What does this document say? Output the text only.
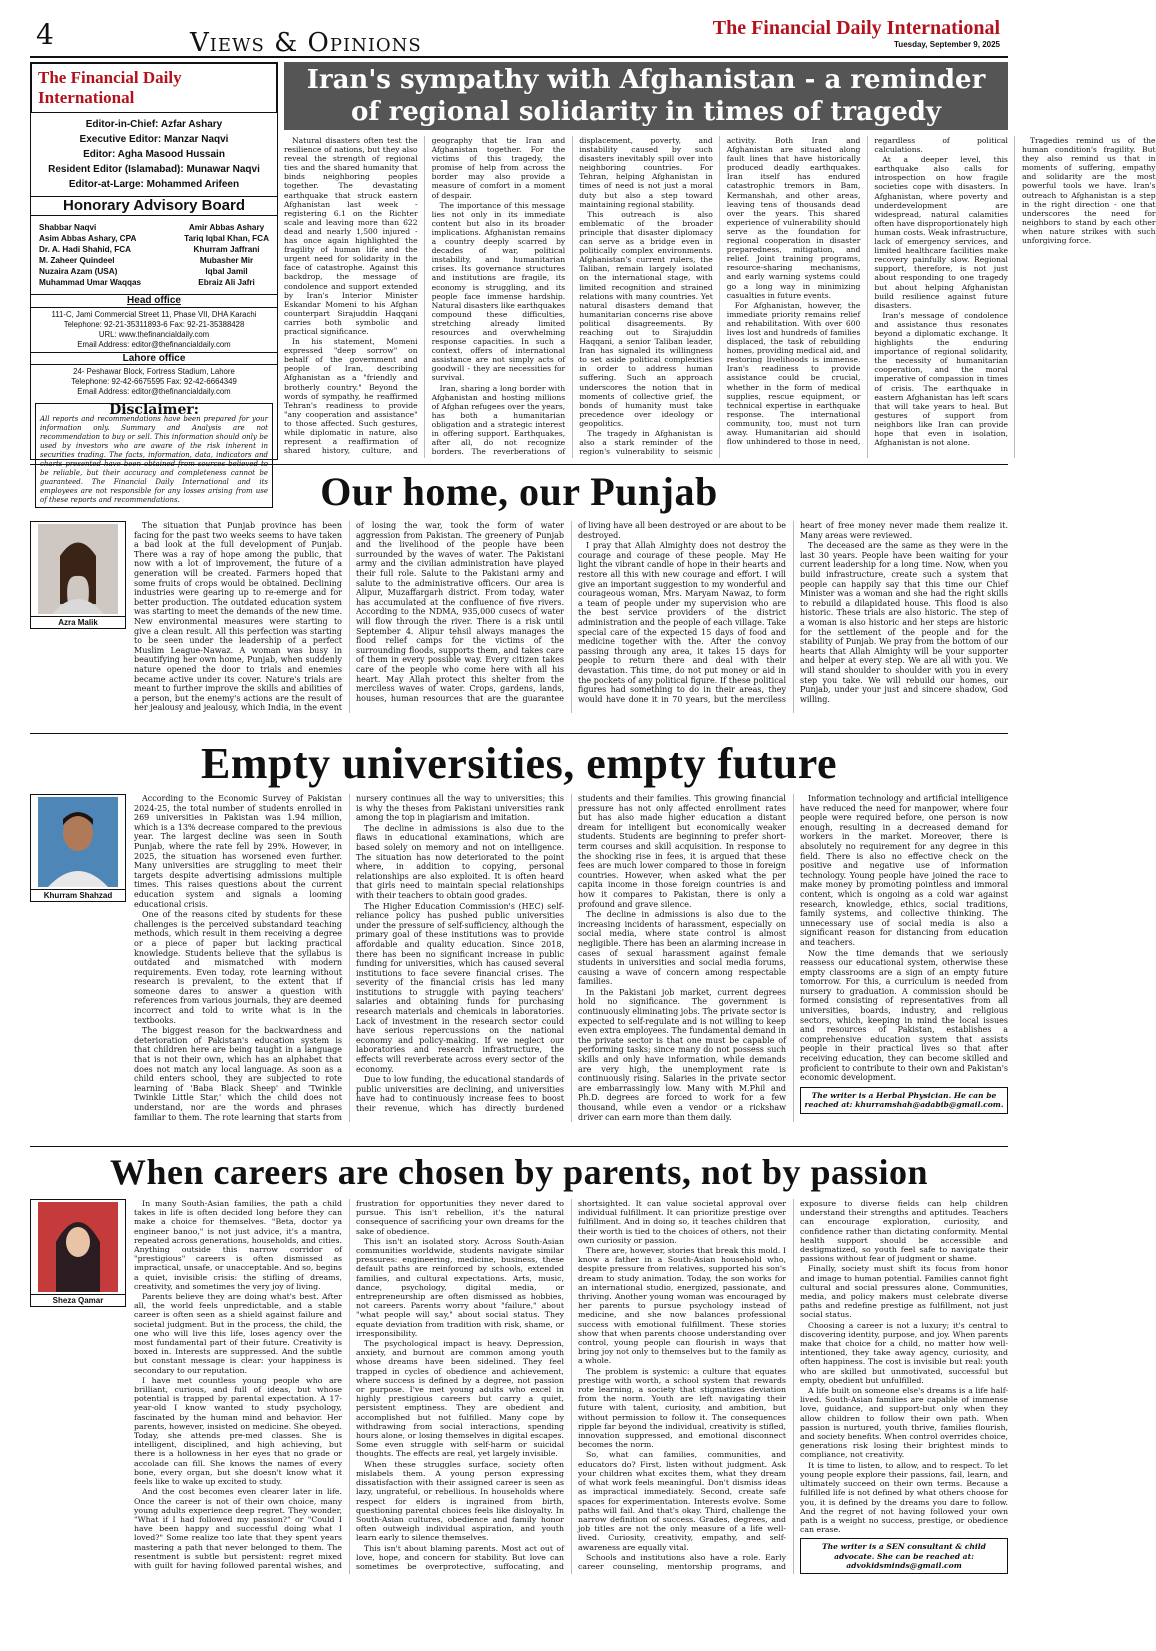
4	Views & Opinions	The Financial Daily International
Tuesday, September 9, 2025
The Financial Daily International
Editor-in-Chief: Azfar Ashary
Executive Editor: Manzar Naqvi
Editor: Agha Masood Hussain
Resident Editor (Islamabad): Munawar Naqvi
Editor-at-Large: Mohammed Arifeen
Honorary Advisory Board
Shabbar Naqvi
Asim Abbas Ashary, CPA
Dr. A. Hadi Shahid, FCA
M. Zaheer Quindeel
Nuzaira Azam (USA)
Muhammad Umar Waqqas
Amir Abbas Ashary
Tariq Iqbal Khan, FCA
Khurram Jaffrani
Mubasher Mir
Iqbal Jamil
Ebraiz Ali Jafri
Head office
111-C, Jami Commercial Street 11, Phase VII, DHA Karachi
Telephone: 92-21-35311893-6 Fax: 92-21-35388428
URL: www.thefinancialdaily.com
Email Address: editor@thefinancialdaily.com
Lahore office
24- Peshawar Block, Fortress Stadium, Lahore
Telephone: 92-42-6675595 Fax: 92-42-6664349
Email Address: editor@thefinancialdaily.com
Disclaimer:
All reports and recommendations have been prepared for your information only. Summary and Analysis are not recommendation to buy or sell. This information should only be used by investors who are aware of the risk inherent in securities trading. The facts, information, data, indicators and charts presented have been obtained from sources believed to be reliable, but their accuracy and completeness cannot be guaranteed. The Financial Daily International and its employees are not responsible for any losses arising from use of these reports and recommendations.
Iran's sympathy with Afghanistan - a reminder of regional solidarity in times of tragedy

Natural disasters often test the resilience of nations, but they also reveal the strength of regional ties and the shared humanity that binds neighboring peoples together. The devastating earthquake that struck eastern Afghanistan last week - registering 6.1 on the Richter scale and leaving more than 622 dead and nearly 1,500 injured - has once again highlighted the fragility of human life and the urgent need for solidarity in the face of catastrophe. Against this backdrop, the message of condolence and support extended by Iran's Interior Minister Eskandar Momeni to his Afghan counterpart Sirajuddin Haqqani carries both symbolic and practical significance.

In his statement, Momeni expressed "deep sorrow" on behalf of the government and people of Iran, describing Afghanistan as a "friendly and brotherly country." Beyond the words of sympathy, he reaffirmed Tehran's readiness to provide "any cooperation and assistance" to those affected. Such gestures, while diplomatic in nature, also represent a reaffirmation of shared history, culture, and geography that tie Iran and Afghanistan together. For the victims of this tragedy, the promise of help from across the border may also provide a measure of comfort in a moment of despair.

The importance of this message lies not only in its immediate content but also in its broader implications. Afghanistan remains a country deeply scarred by decades of war, political instability, and humanitarian crises. Its governance structures and institutions are fragile, its economy is struggling, and its people face immense hardship. Natural disasters like earthquakes compound these difficulties, stretching already limited resources and overwhelming response capacities. In such a context, offers of international assistance are not simply acts of goodwill - they are necessities for survival.

Iran, sharing a long border with Afghanistan and hosting millions of Afghan refugees over the years, has both a humanitarian obligation and a strategic interest in offering support. Earthquakes, after all, do not recognize borders. The reverberations of displacement, poverty, and instability caused by such disasters inevitably spill over into neighboring countries. For Tehran, helping Afghanistan in times of need is not just a moral duty but also a step toward maintaining regional stability.

This outreach is also emblematic of the broader principle that disaster diplomacy can serve as a bridge even in politically complex environments. Afghanistan's current rulers, the Taliban, remain largely isolated on the international stage, with limited recognition and strained relations with many countries. Yet natural disasters demand that humanitarian concerns rise above political disagreements. By reaching out to Sirajuddin Haqqani, a senior Taliban leader, Iran has signaled its willingness to set aside political complexities in order to address human suffering. Such an approach underscores the notion that in moments of collective grief, the bonds of humanity must take precedence over ideology or geopolitics.

The tragedy in Afghanistan is also a stark reminder of the region's vulnerability to seismic activity. Both Iran and Afghanistan are situated along fault lines that have historically produced deadly earthquakes. Iran itself has endured catastrophic tremors in Bam, Kermanshah, and other areas, leaving tens of thousands dead over the years. This shared experience of vulnerability should serve as the foundation for regional cooperation in disaster preparedness, mitigation, and relief. Joint training programs, resource-sharing mechanisms, and early warning systems could go a long way in minimizing casualties in future events.

For Afghanistan, however, the immediate priority remains relief and rehabilitation. With over 600 lives lost and hundreds of families displaced, the task of rebuilding homes, providing medical aid, and restoring livelihoods is immense. Iran's readiness to provide assistance could be crucial, whether in the form of medical supplies, rescue equipment, or technical expertise in earthquake response. The international community, too, must not turn away. Humanitarian aid should flow unhindered to those in need, regardless of political calculations.

At a deeper level, this earthquake also calls for introspection on how fragile societies cope with disasters. In Afghanistan, where poverty and underdevelopment are widespread, natural calamities often have disproportionately high human costs. Weak infrastructure, lack of emergency services, and limited healthcare facilities make recovery painfully slow. Regional support, therefore, is not just about responding to one tragedy but about helping Afghanistan build resilience against future disasters.

Iran's message of condolence and assistance thus resonates beyond a diplomatic exchange. It highlights the enduring importance of regional solidarity, the necessity of humanitarian cooperation, and the moral imperative of compassion in times of crisis. The earthquake in eastern Afghanistan has left scars that will take years to heal. But gestures of support from neighbors like Iran can provide hope that even in isolation, Afghanistan is not alone.

Tragedies remind us of the human condition's fragility. But they also remind us that in moments of suffering, empathy and solidarity are the most powerful tools we have. Iran's outreach to Afghanistan is a step in the right direction - one that underscores the need for neighbors to stand by each other when nature strikes with such unforgiving force.

Our home, our Punjab
Azra Malik

The situation that Punjab province has been facing for the past two weeks seems to have taken a bad look at the full development of Punjab. There was a ray of hope among the public, that now with a lot of improvement, the future of a generation will be created. Farmers hoped that some fruits of crops would be obtained. Declining industries were gearing up to re-emerge and for better production. The outdated education system was starting to meet the demands of the new time. New environmental measures were starting to give a clean result. All this perfection was starting to be seen under the leadership of a perfect Muslim League-Nawaz. A woman was busy in beautifying her own home, Punjab, when suddenly nature opened the door to trials and enemies became active under its cover. Nature's trials are meant to further improve the skills and abilities of a person, but the enemy's actions are the result of her jealousy and jealousy, which India, in the event of losing the war, took the form of water aggression from Pakistan. The greenery of Punjab and the livelihood of the people have been surrounded by the waves of water. The Pakistani army and the civilian administration have played their full role. Salute to the Pakistani army and salute to the administrative officers. Our area is Alipur, Muzaffargarh district. From today, water has accumulated at the confluence of five rivers. According to the NDMA, 935,000 cusecs of water will flow through the river. There is a risk until September 4. Alipur tehsil always manages the flood relief camps for the victims of the surrounding floods, supports them, and takes care of them in every possible way. Every citizen takes care of the people who come here with all his heart. May Allah protect this shelter from the merciless waves of water. Crops, gardens, lands, houses, human resources that are the guarantee of living have all been destroyed or are about to be destroyed.

I pray that Allah Almighty does not destroy the courage and courage of these people. May He light the vibrant candle of hope in their hearts and restore all this with new courage and effort. I will give an important suggestion to my wonderful and courageous woman, Mrs. Maryam Nawaz, to form a team of people under my supervision who are the best service providers of the district administration and the people of each village. Take special care of the expected 15 days of food and medicine together with the. After the convoy passing through any area, it takes 15 days for people to return there and deal with their devastation. This time, do not put money or aid in the pockets of any political figure. If these political figures had something to do in their areas, they would have done it in 70 years, but the merciless heart of free money never made them realize it. Many areas were reviewed.

The deceased are the same as they were in the last 30 years. People have been waiting for your current leadership for a long time. Now, when you build infrastructure, create such a system that people can happily say that this time our Chief Minister was a woman and she had the right skills to rebuild a dilapidated house. This flood is also historic. These trials are also historic. The step of a woman is also historic and her steps are historic for the settlement of the people and for the stability of Punjab. We pray from the bottom of our hearts that Allah Almighty will be your supporter and helper at every step. We are all with you. We will stand shoulder to shoulder with you in every step you take. We will rebuild our homes, our Punjab, under your just and sincere shadow, God willing.

Empty universities, empty future
Khurram Shahzad

According to the Economic Survey of Pakistan 2024-25, the total number of students enrolled in 269 universities in Pakistan was 1.94 million, which is a 13% decrease compared to the previous year. The largest decline was seen in South Punjab, where the rate fell by 29%. However, in 2025, the situation has worsened even further. Many universities are struggling to meet their targets despite advertising admissions multiple times. This raises questions about the current education system and signals a looming educational crisis.

One of the reasons cited by students for these challenges is the perceived substandard teaching methods, which result in them receiving a degree or a piece of paper but lacking practical knowledge. Students believe that the syllabus is outdated and mismatched with modern requirements. Even today, rote learning without research is prevalent, to the extent that if someone dares to answer a question with references from various journals, they are deemed incorrect and told to write what is in the textbooks.

The biggest reason for the backwardness and deterioration of Pakistan's education system is that children here are being taught in a language that is not their own, which has an alphabet that does not match any local language. As soon as a child enters school, they are subjected to rote learning of 'Baba Black Sheep' and 'Twinkle Twinkle Little Star,' which the child does not understand, nor are the words and phrases familiar to them. The rote learning that starts from nursery continues all the way to universities; this is why the theses from Pakistani universities rank among the top in plagiarism and imitation.

The decline in admissions is also due to the flaws in educational examinations, which are based solely on memory and not on intelligence. The situation has now deteriorated to the point where, in addition to copying, personal relationships are also exploited. It is often heard that girls need to maintain special relationships with their teachers to obtain good grades.

The Higher Education Commission's (HEC) self-reliance policy has pushed public universities under the pressure of self-sufficiency, although the primary goal of these institutions was to provide affordable and quality education. Since 2018, there has been no significant increase in public funding for universities, which has caused several institutions to face severe financial crises. The severity of the financial crisis has led many institutions to struggle with paying teachers' salaries and obtaining funds for purchasing research materials and chemicals in laboratories. Lack of investment in the research sector could have serious repercussions on the national economy and policy-making. If we neglect our laboratories and research infrastructure, the effects will reverberate across every sector of the economy.

Due to low funding, the educational standards of public universities are declining, and universities have had to continuously increase fees to boost their revenue, which has directly burdened students and their families. This growing financial pressure has not only affected enrollment rates but has also made higher education a distant dream for intelligent but economically weaker students. Students are beginning to prefer short-term courses and skill acquisition. In response to the shocking rise in fees, it is argued that these fees are much lower compared to those in foreign countries. However, when asked what the per capita income in those foreign countries is and how it compares to Pakistan, there is only a profound and grave silence.

The decline in admissions is also due to the increasing incidents of harassment, especially on social media, where state control is almost negligible. There has been an alarming increase in cases of sexual harassment against female students in universities and social media forums, causing a wave of concern among respectable families.

In the Pakistani job market, current degrees hold no significance. The government is continuously eliminating jobs. The private sector is expected to self-regulate and is not willing to keep even extra employees. The fundamental demand in the private sector is that one must be capable of performing tasks; since many do not possess such skills and only have information, while demands are very high, the unemployment rate is continuously rising. Salaries in the private sector are embarrassingly low. Many with M.Phil and Ph.D. degrees are forced to work for a few thousand, while even a vendor or a rickshaw driver can earn more than them daily.

Information technology and artificial intelligence have reduced the need for manpower, where four people were required before, one person is now enough, resulting in a decreased demand for workers in the market. Moreover, there is absolutely no requirement for any degree in this field. There is also no effective check on the positive and negative use of information technology. Young people have joined the race to make money by promoting pointless and immoral content, which is ongoing as a cold war against research, knowledge, ethics, social traditions, family systems, and collective thinking. The unnecessary use of social media is also a significant reason for distancing from education and teachers.

Now the time demands that we seriously reassess our educational system, otherwise these empty classrooms are a sign of an empty future tomorrow. For this, a curriculum is needed from nursery to graduation. A commission should be formed consisting of representatives from all universities, boards, industry, and religious sectors, which, keeping in mind the local issues and resources of Pakistan, establishes a comprehensive education system that assists people in their practical lives so that after receiving education, they can become skilled and proficient to contribute to their own and Pakistan's economic development.

The writer is a Herbal Physician. He can be reached at: khurramshah@adabib@gmail.com.
When careers are chosen by parents, not by passion
Sheza Qamar

In many South-Asian families, the path a child takes in life is often decided long before they can make a choice for themselves. "Beta, doctor ya engineer banoo," is not just advice, it's a mantra, repeated across generations, households, and cities. Anything outside this narrow corridor of "prestigious" careers is often dismissed as impractical, unsafe, or unacceptable. And so, begins a quiet, invisible crisis: the stifling of dreams, creativity, and sometimes the very joy of living.

Parents believe they are doing what's best. After all, the world feels unpredictable, and a stable career is often seen as a shield against failure and societal judgment. But in the process, the child, the one who will live this life, loses agency over the most fundamental part of their future. Creativity is boxed in. Interests are suppressed. And the subtle but constant message is clear: your happiness is secondary to our reputation.

I have met countless young people who are brilliant, curious, and full of ideas, but whose potential is trapped by parental expectation. A 17-year-old I know wanted to study psychology, fascinated by the human mind and behavior. Her parents, however, insisted on medicine. She obeyed. Today, she attends pre-med classes. She is intelligent, disciplined, and high achieving, but there is a hollowness in her eyes that no grade or accolade can fill. She knows the names of every bone, every organ, but she doesn't know what it feels like to wake up excited to study.

And the cost becomes even clearer later in life. Once the career is not of their own choice, many young adults experience deep regret. They wonder, "What if I had followed my passion?" or "Could I have been happy and successful doing what I loved?" Some realize too late that they spent years mastering a path that never belonged to them. The resentment is subtle but persistent: regret mixed with guilt for having followed parental wishes, and frustration for opportunities they never dared to pursue. This isn't rebellion, it's the natural consequence of sacrificing your own dreams for the sake of obedience.

This isn't an isolated story. Across South-Asian communities worldwide, students navigate similar pressures: engineering, medicine, business, these default paths are reinforced by schools, extended families, and cultural expectations. Arts, music, dance, psychology, digital media, or entrepreneurship are often dismissed as hobbies, not careers. Parents worry about "failure," about "what people will say," about social status. They equate deviation from tradition with risk, shame, or irresponsibility.

The psychological impact is heavy. Depression, anxiety, and burnout are common among youth whose dreams have been sidelined. They feel trapped in cycles of obedience and achievement, where success is defined by a degree, not passion or purpose. I've met young adults who excel in highly prestigious careers but carry a quiet, persistent emptiness. They are obedient and accomplished but not fulfilled. Many cope by withdrawing from social interactions, spending hours alone, or losing themselves in digital escapes. Some even struggle with self-harm or suicidal thoughts. The effects are real, yet largely invisible.

When these struggles surface, society often mislabels them. A young person expressing dissatisfaction with their assigned career is seen as lazy, ungrateful, or rebellious. In households where respect for elders is ingrained from birth, questioning parental choices feels like disloyalty. In South-Asian cultures, obedience and family honor often outweigh individual aspiration, and youth learn early to silence themselves.

This isn't about blaming parents. Most act out of love, hope, and concern for stability. But love can sometimes be overprotective, suffocating, and shortsighted. It can value societal approval over individual fulfillment. It can prioritize prestige over fulfillment. And in doing so, it teaches children that their worth is tied to the choices of others, not their own curiosity or passion.

There are, however, stories that break this mold. I know a father in a South-Asian household who, despite pressure from relatives, supported his son's dream to study animation. Today, the son works for an international studio, energized, passionate, and thriving. Another young woman was encouraged by her parents to pursue psychology instead of medicine, and she now balances professional success with emotional fulfillment. These stories show that when parents choose understanding over control, young people can flourish in ways that bring joy not only to themselves but to the family as a whole.

The problem is systemic: a culture that equates prestige with worth, a school system that rewards rote learning, a society that stigmatizes deviation from the norm. Youth are left navigating their future with talent, curiosity, and ambition, but without permission to follow it. The consequences ripple far beyond the individual, creativity is stifled, innovation suppressed, and emotional disconnect becomes the norm.

So, what can families, communities, and educators do? First, listen without judgment. Ask your children what excites them, what they dream of what work feels meaningful. Don't dismiss ideas as impractical immediately. Second, create safe spaces for experimentation. Interests evolve. Some paths will fail. And that's okay. Third, challenge the narrow definition of success. Grades, degrees, and job titles are not the only measure of a life well-lived. Curiosity, creativity, empathy, and self-awareness are equally vital.

Schools and institutions also have a role. Early career counseling, mentorship programs, and exposure to diverse fields can help children understand their strengths and aptitudes. Teachers can encourage exploration, curiosity, and confidence rather than dictating conformity. Mental health support should be accessible and destigmatized, so youth feel safe to navigate their passions without fear of judgment or shame.

Finally, society must shift its focus from honor and image to human potential. Families cannot fight cultural and social pressures alone. Communities, media, and policy makers must celebrate diverse paths and redefine prestige as fulfillment, not just social status.

Choosing a career is not a luxury; it's central to discovering identity, purpose, and joy. When parents make that choice for a child, no matter how well-intentioned, they take away agency, curiosity, and often happiness. The cost is invisible but real: youth who are skilled but unmotivated, successful but empty, obedient but unfulfilled.

A life built on someone else's dreams is a life half-lived. South-Asian families are capable of immense love, guidance, and support-but only when they allow children to follow their own path. When passion is nurtured, youth thrive, families flourish, and society benefits. When control overrides choice, generations risk losing their brightest minds to compliance, not creativity.

It is time to listen, to allow, and to respect. To let young people explore their passions, fail, learn, and ultimately succeed on their own terms. Because a fulfilled life is not defined by what others choose for you, it is defined by the dreams you dare to follow. And the regret of not having followed your own path is a weight no success, prestige, or obedience can erase.

The writer is a SEN consultant & child advocate. She can be reached at: advokidsminds@gmail.com
